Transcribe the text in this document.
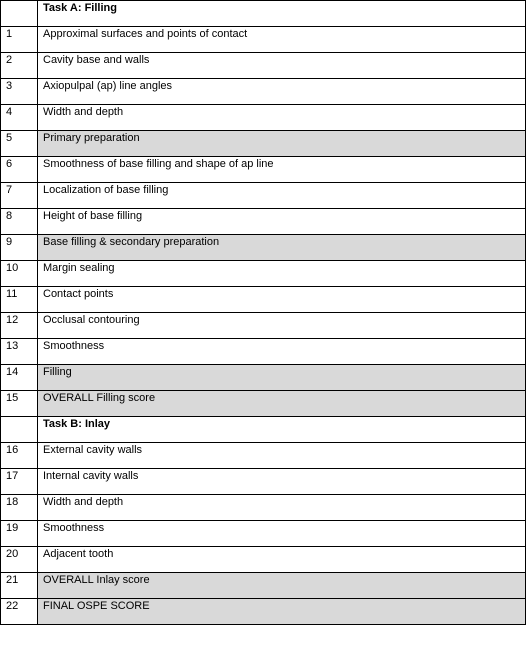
	Task A: Filling
1	Approximal surfaces and points of contact
2	Cavity base and walls
3	Axiopulpal (ap) line angles
4	Width and depth
5	Primary preparation
6	Smoothness of base filling and shape of ap line
7	Localization of base filling
8	Height of base filling
9	Base filling & secondary preparation
10	Margin sealing
11	Contact points
12	Occlusal contouring
13	Smoothness
14	Filling
15	OVERALL Filling score
	Task B: Inlay
16	External cavity walls
17	Internal cavity walls
18	Width and depth
19	Smoothness
20	Adjacent tooth
21	OVERALL Inlay score
22	FINAL OSPE SCORE
